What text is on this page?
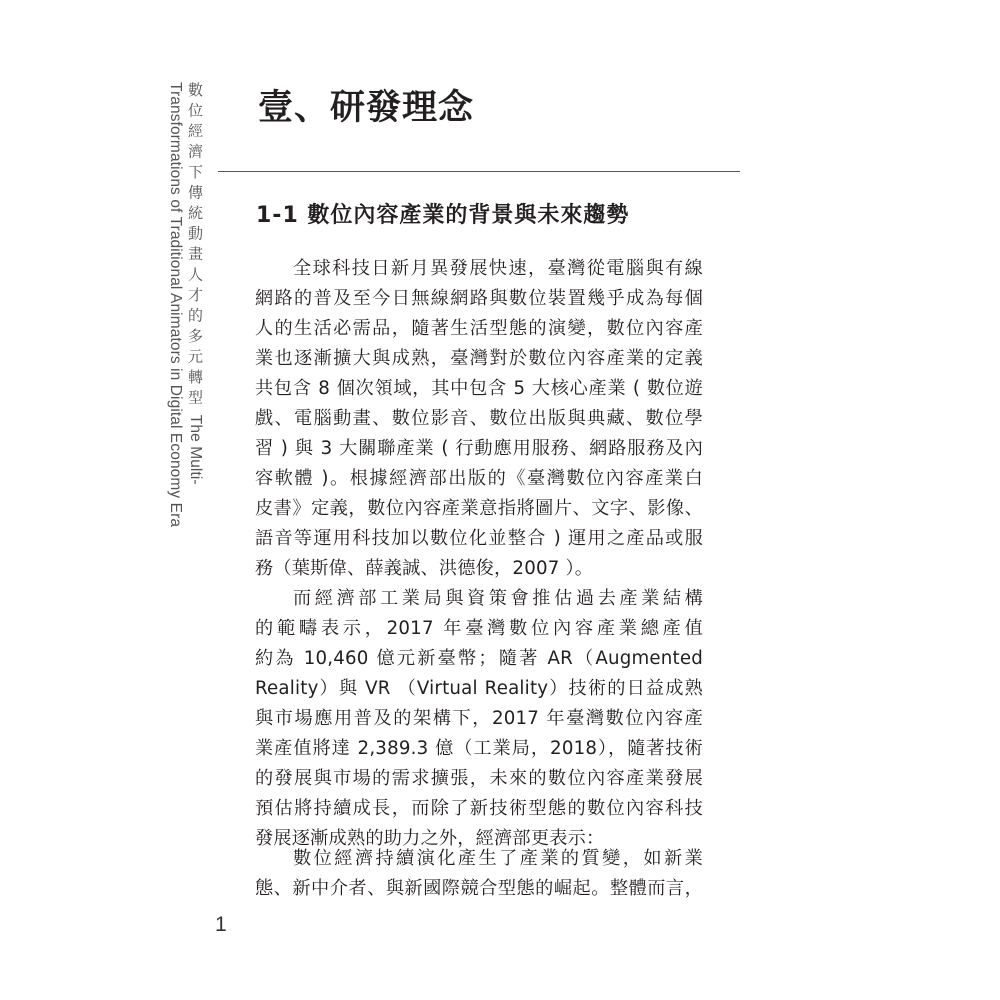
數位經濟下傳統動畫人才的多元轉型 The Multi-Transformations of Traditional Animators in Digital Economy Era	壹、研發理念
1-1 數位內容產業的背景與未來趨勢

全球科技日新月異發展快速，臺灣從電腦與有線

網路的普及至今日無線網路與數位裝置幾乎成為每個

人的生活必需品，隨著生活型態的演變，數位內容產

業也逐漸擴大與成熟，臺灣對於數位內容產業的定義

共包含 8 個次領域，其中包含 5 大核心產業 ( 數位遊

戲、電腦動畫、數位影音、數位出版與典藏、數位學

習 ) 與 3 大關聯產業 ( 行動應用服務、網路服務及內

容軟體 )。根據經濟部出版的《臺灣數位內容產業白

皮書》定義，數位內容產業意指將圖片、文字、影像、

語音等運用科技加以數位化並整合 ) 運用之產品或服

務（葉斯偉、薛義誠、洪德俊，2007 ）。

而經濟部工業局與資策會推估過去產業結構

的範疇表示，2017 年臺灣數位內容產業總產值

約為 10,460 億元新臺幣；隨著 AR（Augmented

Reality）與 VR （Virtual Reality）技術的日益成熟

與市場應用普及的架構下，2017 年臺灣數位內容產

業產值將達 2,389.3 億（工業局，2018），隨著技術

的發展與市場的需求擴張，未來的數位內容產業發展

預估將持續成長，而除了新技術型態的數位內容科技

發展逐漸成熟的助力之外，經濟部更表示：

數位經濟持續演化產生了產業的質變，如新業

態、新中介者、與新國際競合型態的崛起。整體而言，

1
